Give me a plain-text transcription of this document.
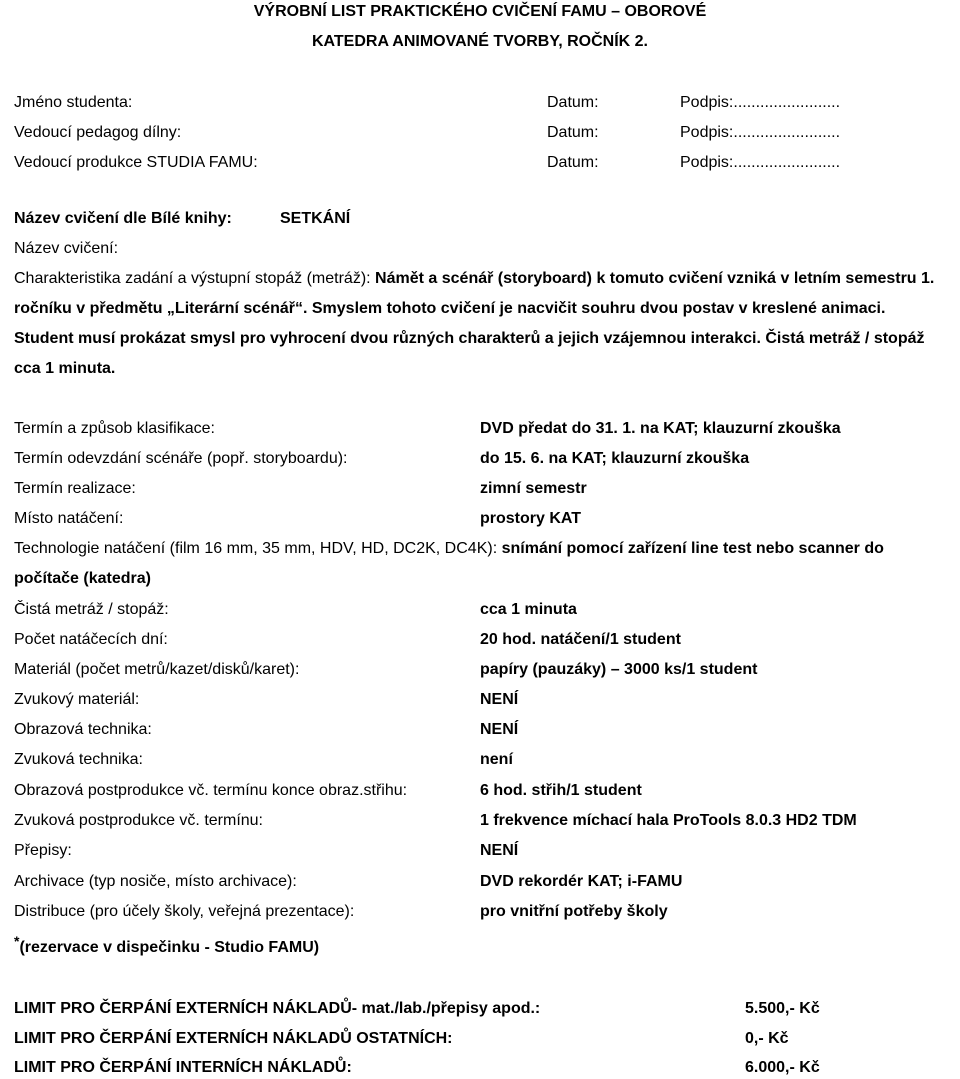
VÝROBNÍ LIST PRAKTICKÉHO CVIČENÍ FAMU – OBOROVÉ
KATEDRA ANIMOVANÉ TVORBY, ROČNÍK 2.
Jméno studenta:	Datum:	Podpis:........................
Vedoucí pedagog dílny:	Datum:	Podpis:........................
Vedoucí produkce STUDIA FAMU:	Datum:	Podpis:........................
Název cvičení dle Bílé knihy:	SETKÁNÍ
Název cvičení:
Charakteristika zadání a výstupní stopáž (metráž): Námět a scénář (storyboard) k tomuto cvičení vzniká v letním semestru 1. ročníku v předmětu „Literární scénář“. Smyslem tohoto cvičení je nacvičit souhru dvou postav v kreslené animaci. Student musí prokázat smysl pro vyhrocení dvou různých charakterů a jejich vzájemnou interakci. Čistá metráž / stopáž cca 1 minuta.
Termín a způsob klasifikace:	DVD předat do 31. 1. na KAT; klauzurní zkouška
Termín odevzdání scénáře (popř. storyboardu):	do 15. 6. na KAT; klauzurní zkouška
Termín realizace:	zimní semestr
Místo natáčení:	prostory KAT
Technologie natáčení (film 16 mm, 35 mm, HDV, HD, DC2K, DC4K): snímání pomocí zařízení line test nebo scanner do počítače (katedra)
Čistá metráž / stopáž:	cca 1 minuta
Počet natáčecích dní:	20 hod. natáčení/1 student
Materiál (počet metrů/kazet/disků/karet):	papíry (pauzáky) – 3000 ks/1 student
Zvukový materiál:	NENÍ
Obrazová technika:	NENÍ
Zvuková technika:	není
Obrazová postprodukce vč. termínu konce obraz.střihu:	6 hod. střih/1 student
Zvuková postprodukce vč. termínu:	1 frekvence míchací hala ProTools 8.0.3 HD2 TDM
Přepisy:	NENÍ
Archivace (typ nosiče, místo archivace):	DVD rekordér KAT; i-FAMU
Distribuce (pro účely školy, veřejná prezentace):	pro vnitřní potřeby školy
*(rezervace v dispečinku - Studio FAMU)
LIMIT PRO ČERPÁNÍ EXTERNÍCH NÁKLADŮ- mat./lab./přepisy apod.:	5.500,- Kč
LIMIT PRO ČERPÁNÍ EXTERNÍCH NÁKLADŮ OSTATNÍCH:	0,- Kč
LIMIT PRO ČERPÁNÍ INTERNÍCH NÁKLADŮ:	6.000,- Kč
